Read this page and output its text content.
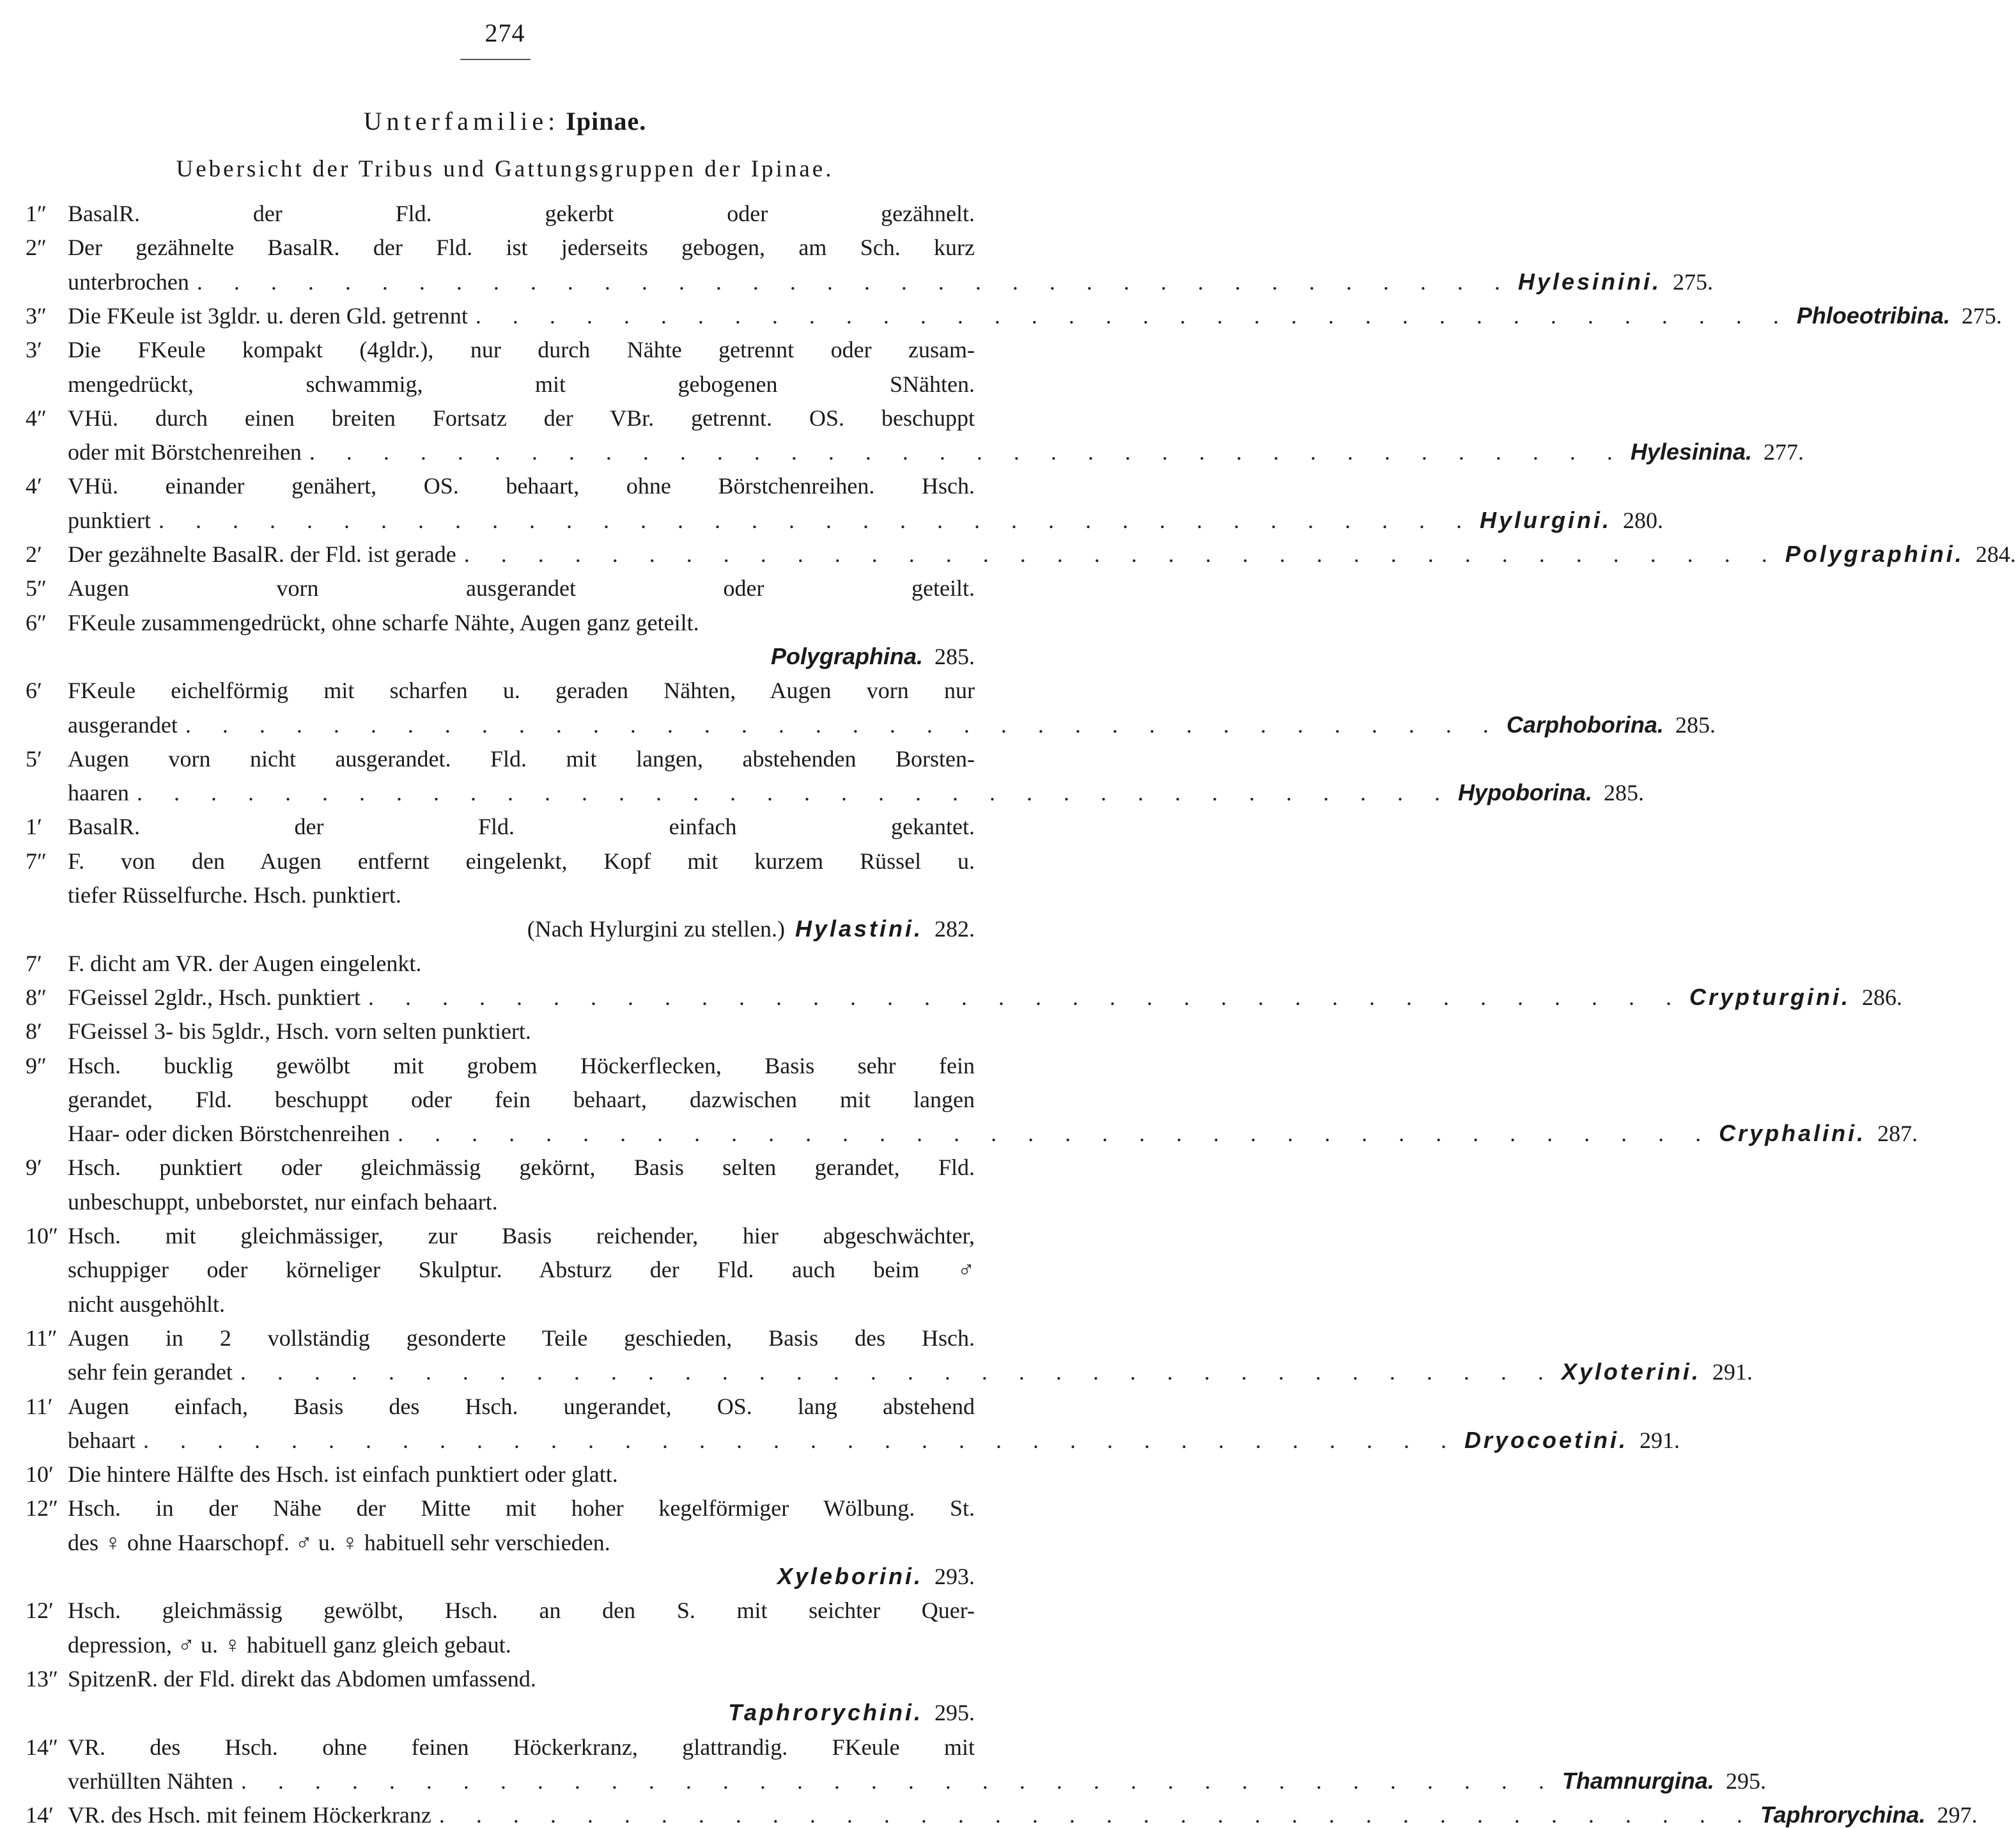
274
Unterfamilie: Ipinae.
Uebersicht der Tribus und Gattungsgruppen der Ipinae.
1″ BasalR. der Fld. gekerbt oder gezähnelt.
2″ Der gezähnelte BasalR. der Fld. ist jederseits gebogen, am Sch. kurz
unterbrochen . . . . . . . . . . . . . . . . . . . . . . . . . . . . . . . . . . . . Hylesinini. 275.
3″ Die FKeule ist 3gldr. u. deren Gld. getrennt . . . . . . . . . . . . . . . . . . . . . . . . . . . . . . . . . . . . Phloeotribina. 275.
3′	Die FKeule kompakt (4gldr.), nur durch Nähte getrennt oder zusam-
mengedrückt, schwammig, mit gebogenen SNähten.
4″ VHü. durch einen breiten Fortsatz der VBr. getrennt. OS. beschuppt
oder mit Börstchenreihen . . . . . . . . . . . . . . . . . . . . . . . . . . . . . . . . . . . . Hylesinina. 277.
4′	VHü. einander genähert, OS. behaart, ohne Börstchenreihen. Hsch.
punktiert . . . . . . . . . . . . . . . . . . . . . . . . . . . . . . . . . . . . Hylurgini. 280.
2′	Der gezähnelte BasalR. der Fld. ist gerade . . . . . . . . . . . . . . . . . . . . . . . . . . . . . . . . . . . . Polygraphini. 284.
5″ Augen vorn ausgerandet oder geteilt.
6″ FKeule zusammengedrückt, ohne scharfe Nähte, Augen ganz geteilt.
Polygraphina. 285.
6′	FKeule eichelförmig mit scharfen u. geraden Nähten, Augen vorn nur
ausgerandet . . . . . . . . . . . . . . . . . . . . . . . . . . . . . . . . . . . . Carphoborina. 285.
5′	Augen vorn nicht ausgerandet. Fld. mit langen, abstehenden Borsten-
haaren . . . . . . . . . . . . . . . . . . . . . . . . . . . . . . . . . . . . Hypoborina. 285.
1′	BasalR. der Fld. einfach gekantet.
7″ F. von den Augen entfernt eingelenkt, Kopf mit kurzem Rüssel u.
tiefer Rüsselfurche. Hsch. punktiert.
(Nach Hylurgini zu stellen.) Hylastini. 282.
7′	F. dicht am VR. der Augen eingelenkt.
8″ FGeissel 2gldr., Hsch. punktiert . . . . . . . . . . . . . . . . . . . . . . . . . . . . . . . . . . . . Crypturgini. 286.
8′	FGeissel 3- bis 5gldr., Hsch. vorn selten punktiert.
9″ Hsch. bucklig gewölbt mit grobem Höckerflecken, Basis sehr fein
gerandet, Fld. beschuppt oder fein behaart, dazwischen mit langen
Haar- oder dicken Börstchenreihen . . . . . . . . . . . . . . . . . . . . . . . . . . . . . . . . . . . . Cryphalini. 287.
9′	Hsch. punktiert oder gleichmässig gekörnt, Basis selten gerandet, Fld.
unbeschuppt, unbeborstet, nur einfach behaart.
10″ Hsch. mit gleichmässiger, zur Basis reichender, hier abgeschwächter,
schuppiger oder körneliger Skulptur. Absturz der Fld. auch beim ♂
nicht ausgehöhlt.
11″ Augen in 2 vollständig gesonderte Teile geschieden, Basis des Hsch.
sehr fein gerandet . . . . . . . . . . . . . . . . . . . . . . . . . . . . . . . . . . . . Xyloterini. 291.
11′ Augen einfach, Basis des Hsch. ungerandet, OS. lang abstehend
behaart . . . . . . . . . . . . . . . . . . . . . . . . . . . . . . . . . . . . Dryocoetini. 291.
10′ Die hintere Hälfte des Hsch. ist einfach punktiert oder glatt.
12″ Hsch. in der Nähe der Mitte mit hoher kegelförmiger Wölbung. St.
des ♀ ohne Haarschopf. ♂ u. ♀ habituell sehr verschieden.
Xyleborini. 293.
12′ Hsch. gleichmässig gewölbt, Hsch. an den S. mit seichter Quer-
depression, ♂ u. ♀ habituell ganz gleich gebaut.
13″ SpitzenR. der Fld. direkt das Abdomen umfassend.
Taphrorychini. 295.
14″ VR. des Hsch. ohne feinen Höckerkranz, glattrandig. FKeule mit
verhüllten Nähten . . . . . . . . . . . . . . . . . . . . . . . . . . . . . . . . . . . . Thamnurgina. 295.
14′ VR. des Hsch. mit feinem Höckerkranz . . . . . . . . . . . . . . . . . . . . . . . . . . . . . . . . . . . . Taphrorychina. 297.
